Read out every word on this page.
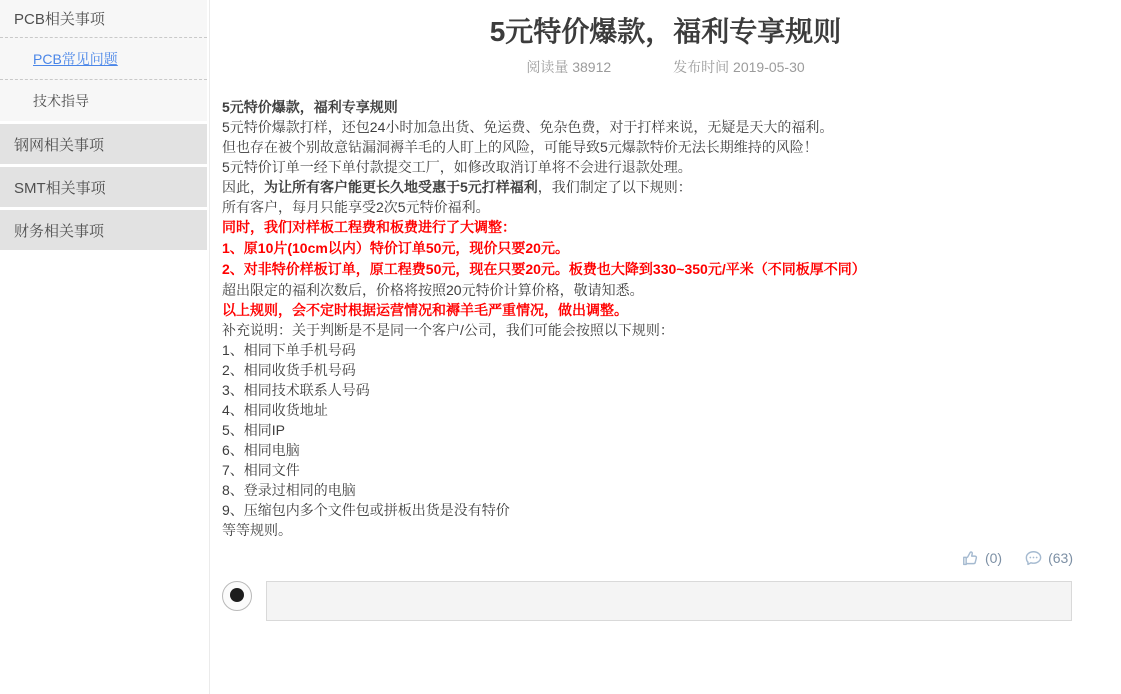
PCB相关事项
PCB常见问题
技术指导
钢网相关事项
SMT相关事项
财务相关事项
5元特价爆款，福利专享规则
阅读量 38912	发布时间 2019-05-30

5元特价爆款，福利专享规则

5元特价爆款打样，还包24小时加急出货、免运费、免杂色费，对于打样来说，无疑是天大的福利。
但也存在被个别故意钻漏洞褥羊毛的人盯上的风险，可能导致5元爆款特价无法长期维持的风险！
5元特价订单一经下单付款提交工厂，如修改取消订单将不会进行退款处理。

因此，为让所有客户能更长久地受惠于5元打样福利，我们制定了以下规则：
所有客户，每月只能享受2次5元特价福利。

同时，我们对样板工程费和板费进行了大调整：
1、原10片(10cm以内）特价订单50元，现价只要20元。
2、对非特价样板订单，原工程费50元，现在只要20元。板费也大降到330~350元/平米（不同板厚不同）

超出限定的福利次数后，价格将按照20元特价计算价格，敬请知悉。
以上规则，会不定时根据运营情况和褥羊毛严重情况，做出调整。

补充说明：关于判断是不是同一个客户/公司，我们可能会按照以下规则：
1、相同下单手机号码
2、相同收货手机号码
3、相同技术联系人号码
4、相同收货地址
5、相同IP
6、相同电脑
7、相同文件
8、登录过相同的电脑
9、压缩包内多个文件包或拼板出货是没有特价
等等规则。

(0)	(63)
